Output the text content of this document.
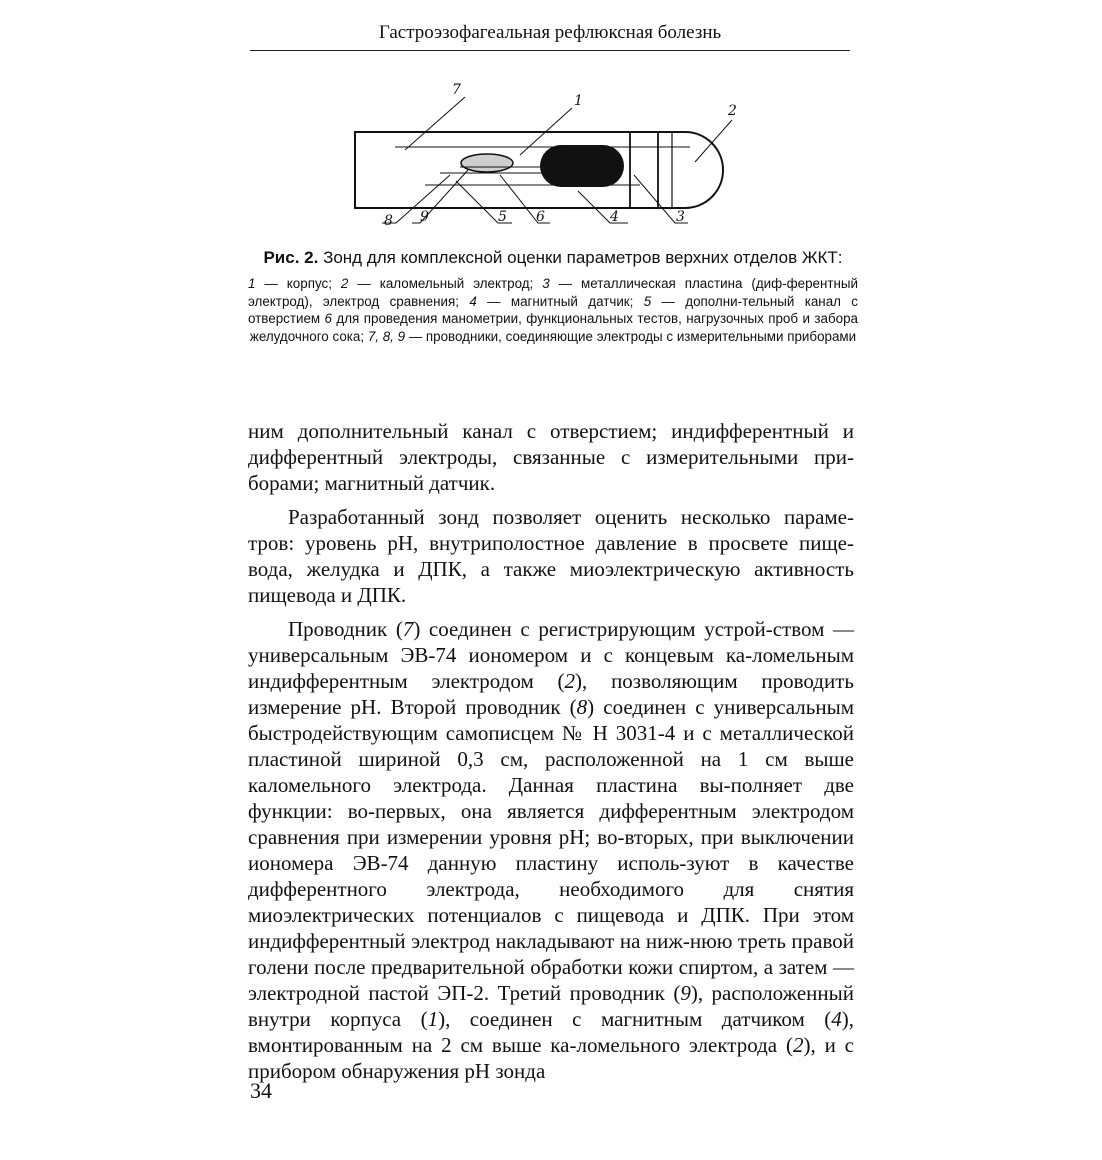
Гастроэзофагеальная рефлюксная болезнь
7
1
2
8 9	5 6	4	3

Рис. 2. Зонд для комплексной оценки параметров верхних отделов ЖКТ:

1 — корпус; 2 — каломельный электрод; 3 — металлическая пластина (диф-ферентный электрод), электрод сравнения; 4 — магнитный датчик; 5 — дополни-тельный канал с отверстием 6 для проведения манометрии, функциональных тестов, нагрузочных проб и забора желудочного сока; 7, 8, 9 — проводники, соединяющие электроды с измерительными приборами

ним дополнительный канал с отверстием; индифферентный и дифферентный электроды, связанные с измерительными при-борами; магнитный датчик.

Разработанный зонд позволяет оценить несколько параме-тров: уровень рН, внутриполостное давление в просвете пище-вода, желудка и ДПК, а также миоэлектрическую активность пищевода и ДПК.

Проводник (7) соединен с регистрирующим устрой-ством — универсальным ЭВ-74 иономером и с концевым ка-ломельным индифферентным электродом (2), позволяющим проводить измерение рН. Второй проводник (8) соединен с универсальным быстродействующим самописцем № Н 3031-4 и с металлической пластиной шириной 0,3 см, расположенной на 1 см выше каломельного электрода. Данная пластина вы-полняет две функции: во-первых, она является дифферентным электродом сравнения при измерении уровня рН; во-вторых, при выключении иономера ЭВ-74 данную пластину исполь-зуют в качестве дифферентного электрода, необходимого для снятия миоэлектрических потенциалов с пищевода и ДПК. При этом индифферентный электрод накладывают на ниж-нюю треть правой голени после предварительной обработки кожи спиртом, а затем — электродной пастой ЭП-2. Третий проводник (9), расположенный внутри корпуса (1), соединен с магнитным датчиком (4), вмонтированным на 2 см выше ка-ломельного электрода (2), и с прибором обнаружения рН зонда

34
